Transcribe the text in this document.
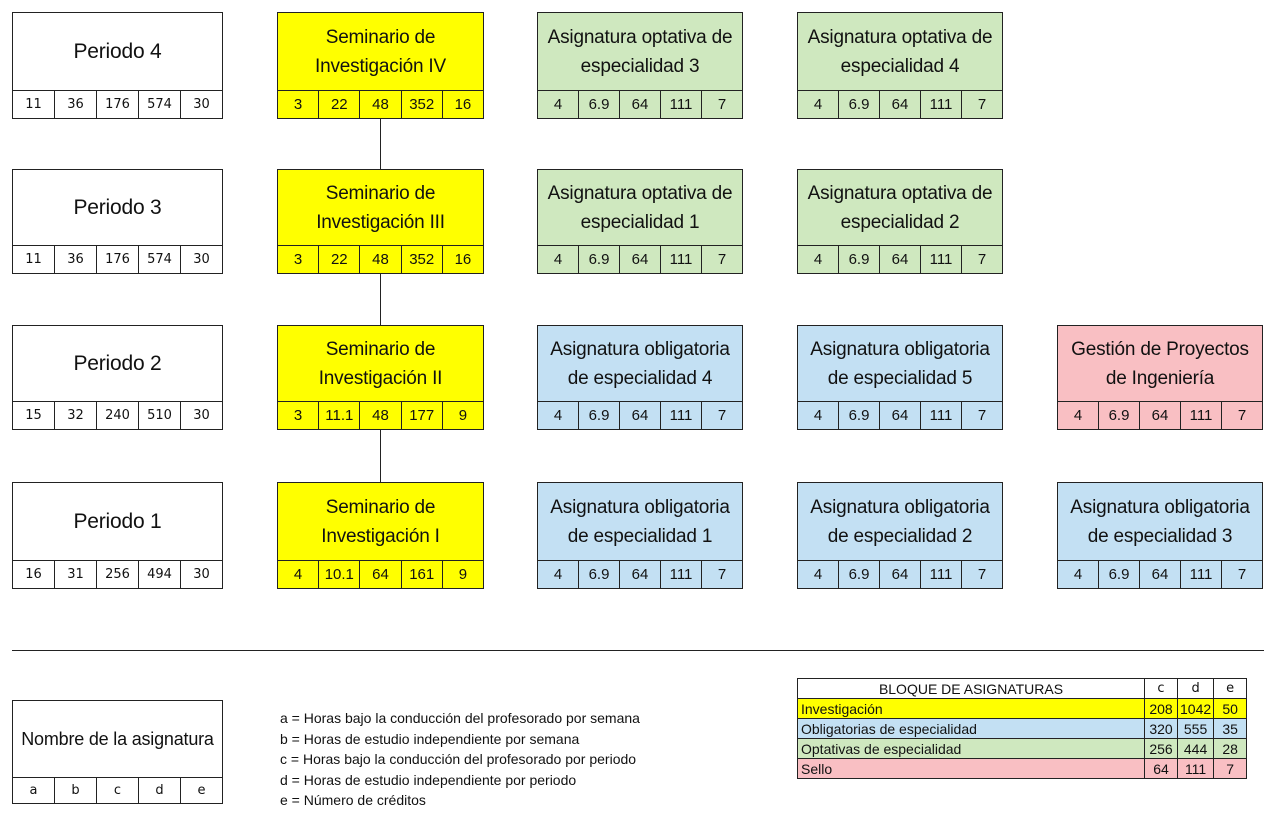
Periodo 4
11	36	176	574	30
Periodo 3
11	36	176	574	30
Periodo 2
15	32	240	510	30
Periodo 1
16	31	256	494	30
Seminario de
Investigación IV
3	22	48	352	16
Asignatura optativa de
especialidad 3
4	6.9	64	111	7
Asignatura optativa de
especialidad 4
4	6.9	64	111	7
Seminario de
Investigación III
3	22	48	352	16
Asignatura optativa de
especialidad 1
4	6.9	64	111	7
Asignatura optativa de
especialidad 2
4	6.9	64	111	7
Seminario de
Investigación II
3	11.1	48	177	9
Asignatura obligatoria
de especialidad 4
4	6.9	64	111	7
Asignatura obligatoria
de especialidad 5
4	6.9	64	111	7
Gestión de Proyectos
de Ingeniería
4	6.9	64	111	7
Seminario de
Investigación I
4	10.1	64	161	9
Asignatura obligatoria
de especialidad 1
4	6.9	64	111	7
Asignatura obligatoria
de especialidad 2
4	6.9	64	111	7
Asignatura obligatoria
de especialidad 3
4	6.9	64	111	7
Nombre de la asignatura
a	b	c	d	e
a = Horas bajo la conducción del profesorado por semana
b = Horas de estudio independiente por semana
c = Horas bajo la conducción del profesorado por periodo
d = Horas de estudio independiente por periodo
e = Número de créditos
BLOQUE DE ASIGNATURAS	c	d	e
Investigación	208	1042	50
Obligatorias de especialidad	320	555	35
Optativas de especialidad	256	444	28
Sello	64	111	7
